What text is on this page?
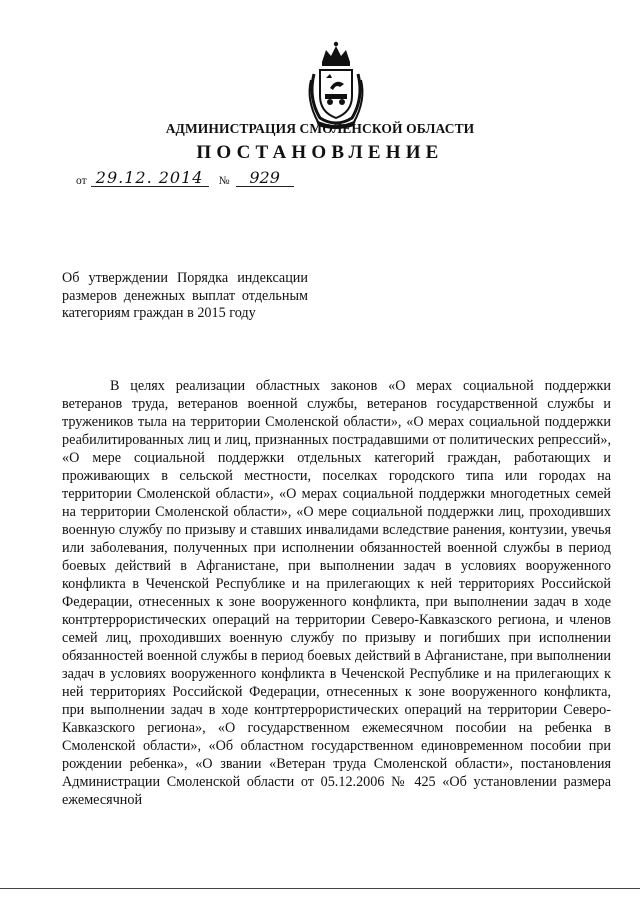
АДМИНИСТРАЦИЯ СМОЛЕНСКОЙ ОБЛАСТИ
ПОСТАНОВЛЕНИЕ
от 29.12. 2014	№	929
Об утверждении Порядка индексации размеров денежных выплат отдельным категориям граждан в 2015 году

В целях реализации областных законов «О мерах социальной поддержки ветеранов труда, ветеранов военной службы, ветеранов государственной службы и тружеников тыла на территории Смоленской области», «О мерах социальной поддержки реабилитированных лиц и лиц, признанных пострадавшими от политических репрессий», «О мере социальной поддержки отдельных категорий граждан, работающих и проживающих в сельской местности, поселках городского типа или городах на территории Смоленской области», «О мерах социальной поддержки многодетных семей на территории Смоленской области», «О мере социальной поддержки лиц, проходивших военную службу по призыву и ставших инвалидами вследствие ранения, контузии, увечья или заболевания, полученных при исполнении обязанностей военной службы в период боевых действий в Афганистане, при выполнении задач в условиях вооруженного конфликта в Чеченской Республике и на прилегающих к ней территориях Российской Федерации, отнесенных к зоне вооруженного конфликта, при выполнении задач в ходе контртеррористических операций на территории Северо-Кавказского региона, и членов семей лиц, проходивших военную службу по призыву и погибших при исполнении обязанностей военной службы в период боевых действий в Афганистане, при выполнении задач в условиях вооруженного конфликта в Чеченской Республике и на прилегающих к ней территориях Российской Федерации, отнесенных к зоне вооруженного конфликта, при выполнении задач в ходе контртеррористических операций на территории Северо-Кавказского региона», «О государственном ежемесячном пособии на ребенка в Смоленской области», «Об областном государственном единовременном пособии при рождении ребенка», «О звании «Ветеран труда Смоленской области», постановления Администрации Смоленской области от 05.12.2006 № 425 «Об установлении размера ежемесячной
